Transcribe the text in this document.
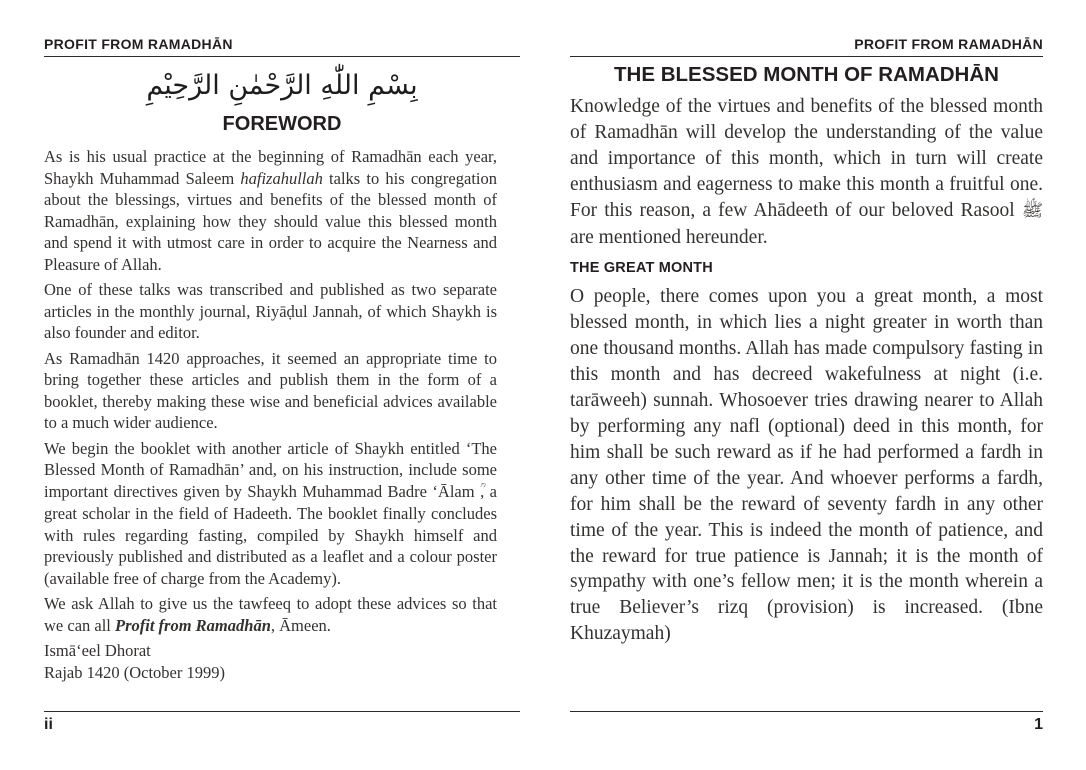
PROFIT FROM RAMADHĀN
بِسْمِ اللّٰهِ الرَّحْمٰنِ الرَّحِيْمِ
FOREWORD

As is his usual practice at the beginning of Ramadhān each year, Shaykh Muhammad Saleem hafizahullah talks to his congregation about the blessings, virtues and benefits of the blessed month of Ramadhān, explaining how they should value this blessed month and spend it with utmost care in order to acquire the Nearness and Pleasure of Allah.

One of these talks was transcribed and published as two separate articles in the monthly journal, Riyāḍul Jannah, of which Shaykh is also founder and editor.

As Ramadhān 1420 approaches, it seemed an appropriate time to bring together these articles and publish them in the form of a booklet, thereby making these wise and beneficial advices available to a much wider audience.

We begin the booklet with another article of Shaykh entitled ‘The Blessed Month of Ramadhān’ and, on his instruction, include some important directives given by Shaykh Muhammad Badre ‘Ālam , a great scholar in the field of Hadeeth. The booklet finally concludes with rules regarding fasting, compiled by Shaykh himself and previously published and distributed as a leaflet and a colour poster (available free of charge from the Academy).

We ask Allah to give us the tawfeeq to adopt these advices so that we can all Profit from Ramadhān, Āmeen.

Ismā‘eel Dhorat

Rajab 1420 (October 1999)

PROFIT FROM RAMADHĀN
THE BLESSED MONTH OF RAMADHĀN

Knowledge of the virtues and benefits of the blessed month of Ramadhān will develop the understanding of the value and importance of this month, which in turn will create enthusiasm and eagerness to make this month a fruitful one. For this reason, a few Ahādeeth of our beloved Rasool ﷺ are mentioned hereunder.

THE GREAT MONTH

O people, there comes upon you a great month, a most blessed month, in which lies a night greater in worth than one thousand months. Allah has made compulsory fasting in this month and has decreed wakefulness at night (i.e. tarāweeh) sunnah. Whosoever tries drawing nearer to Allah by performing any nafl (optional) deed in this month, for him shall be such reward as if he had performed a fardh in any other time of the year. And whoever performs a fardh, for him shall be the reward of seventy fardh in any other time of the year. This is indeed the month of patience, and the reward for true patience is Jannah; it is the month of sympathy with one’s fellow men; it is the month wherein a true Believer’s rizq (provision) is increased. (Ibne Khuzaymah)

ii	1
